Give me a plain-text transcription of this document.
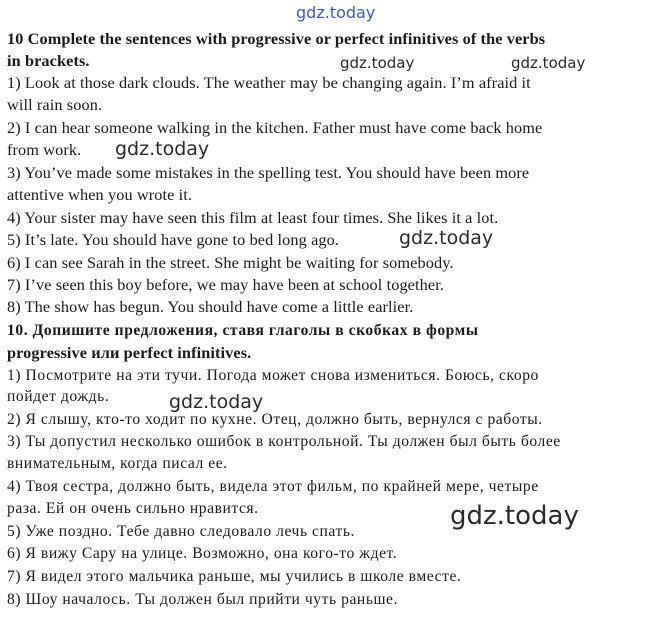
10 Complete the sentences with progressive or perfect infinitives of the verbs
in brackets.
1) Look at those dark clouds. The weather may be changing again. I’m afraid it
will rain soon.
2) I can hear someone walking in the kitchen. Father must have come back home
from work.
3) You’ve made some mistakes in the spelling test. You should have been more
attentive when you wrote it.
4) Your sister may have seen this film at least four times. She likes it a lot.
5) It’s late. You should have gone to bed long ago.
6) I can see Sarah in the street. She might be waiting for somebody.
7) I’ve seen this boy before, we may have been at school together.
8) The show has begun. You should have come a little earlier.
10. Допишите предложения, ставя глаголы в скобках в формы
progressive или perfect infinitives.
1) Посмотрите на эти тучи. Погода может снова измениться. Боюсь, скоро
пойдет дождь.
2) Я слышу, кто-то ходит по кухне. Отец, должно быть, вернулся с работы.
3) Ты допустил несколько ошибок в контрольной. Ты должен был быть более
внимательным, когда писал ее.
4) Твоя сестра, должно быть, видела этот фильм, по крайней мере, четыре
раза. Ей он очень сильно нравится.
5) Уже поздно. Тебе давно следовало лечь спать.
6) Я вижу Сару на улице. Возможно, она кого-то ждет.
7) Я видел этого мальчика раньше, мы учились в школе вместе.
8) Шоу началось. Ты должен был прийти чуть раньше.
gdz.today
gdz.today	gdz.today
gdz.today
gdz.today
gdz.today
gdz.today
